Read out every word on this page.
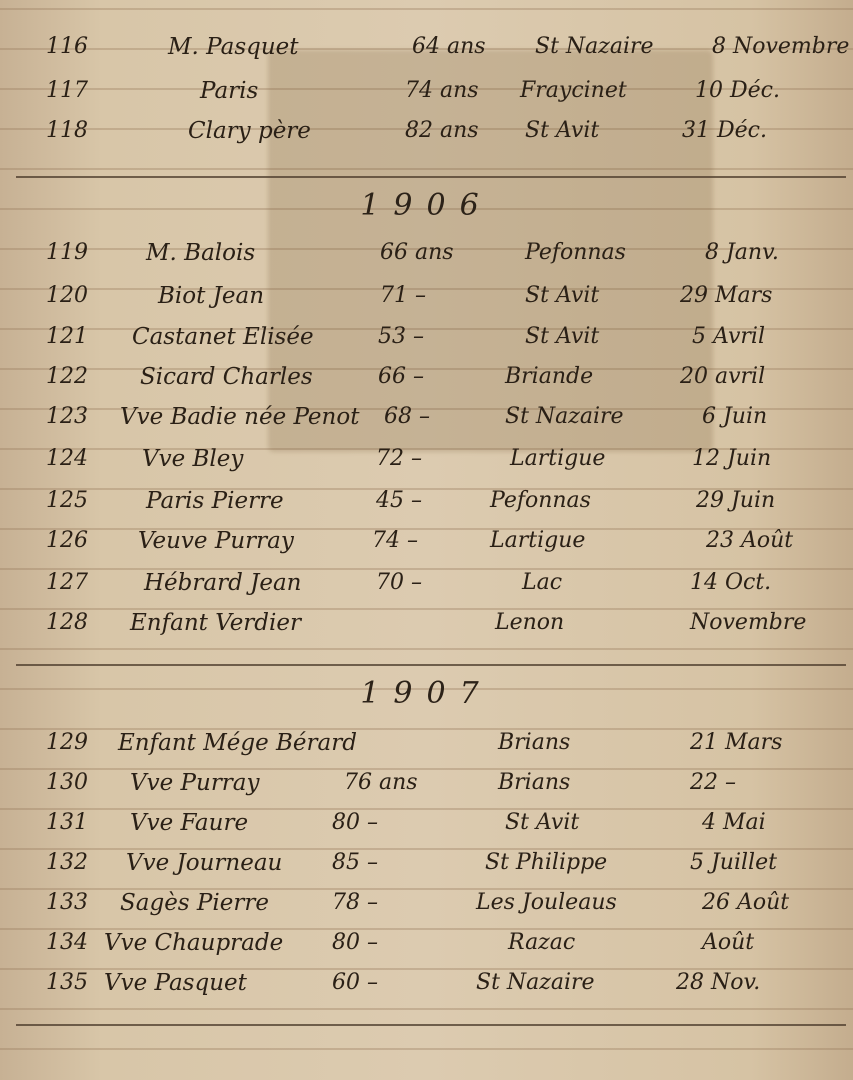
116	M. Pasquet	64 ans St Nazaire	8 Novembre
117	Paris	74 ans Fraycinet	10 Déc.
118	Clary père	82 ans St Avit	31 Déc.
1906
119	M. Balois	66 ans	Pefonnas	8 Janv.
120	Biot Jean	71 –	St Avit	29 Mars
121 Castanet Elisée	53 –	St Avit	5 Avril
122 Sicard Charles	66 –	Briande	20 avril
123 Vve Badie née Penot 68 –	St Nazaire	6 Juin
124 Vve Bley	72 –	Lartigue	12 Juin
125	Paris Pierre	45 –	Pefonnas	29 Juin
126 Veuve Purray	74 –	Lartigue	23 Août
127 Hébrard Jean	70 –	Lac	14 Oct.
128 Enfant Verdier	Lenon	Novembre
1907
129 Enfant Mége Bérard	Brians	21 Mars
130 Vve Purray	76 ans	Brians	22 –
131 Vve Faure	80 –	St Avit	4 Mai
132 Vve Journeau 85 –	St Philippe	5 Juillet
133 Sagès Pierre	78 –	Les Jouleaus	26 Août
134 Vve Chauprade 80 –	Razac	Août
135 Vve Pasquet	60 –	St Nazaire	28 Nov.
